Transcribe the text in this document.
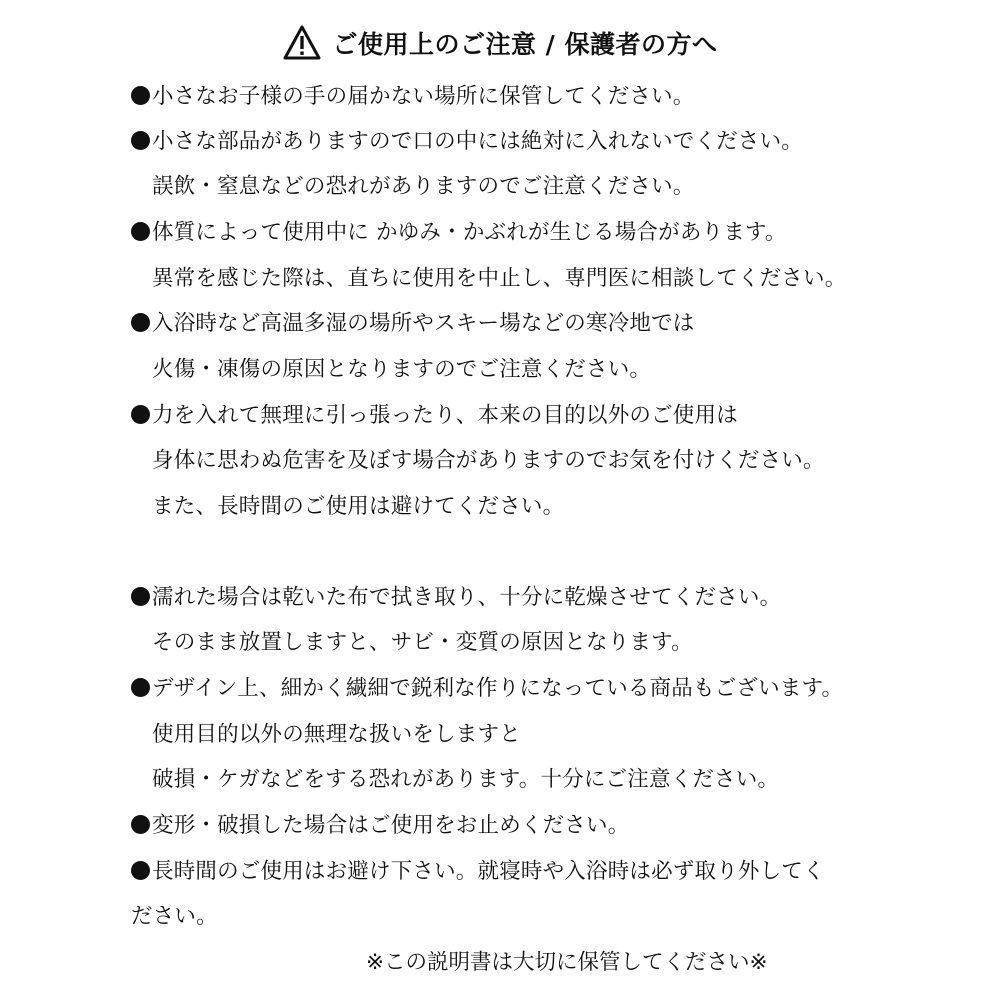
ご使用上のご注意 / 保護者の方へ
小さなお子様の手の届かない場所に保管してください。
小さな部品がありますので口の中には絶対に入れないでください。
誤飲・窒息などの恐れがありますのでご注意ください。
体質によって使用中に かゆみ・かぶれが生じる場合があります。
異常を感じた際は、直ちに使用を中止し、専門医に相談してください。
入浴時など高温多湿の場所やスキー場などの寒冷地では
火傷・凍傷の原因となりますのでご注意ください。
力を入れて無理に引っ張ったり、本来の目的以外のご使用は
身体に思わぬ危害を及ぼす場合がありますのでお気を付けください。
また、長時間のご使用は避けてください。
濡れた場合は乾いた布で拭き取り、十分に乾燥させてください。
そのまま放置しますと、サビ・変質の原因となります。
デザイン上、細かく繊細で鋭利な作りになっている商品もございます。
使用目的以外の無理な扱いをしますと
破損・ケガなどをする恐れがあります。十分にご注意ください。
変形・破損した場合はご使用をお止めください。
長時間のご使用はお避け下さい。就寝時や入浴時は必ず取り外してく
ださい。
※この説明書は大切に保管してください※
